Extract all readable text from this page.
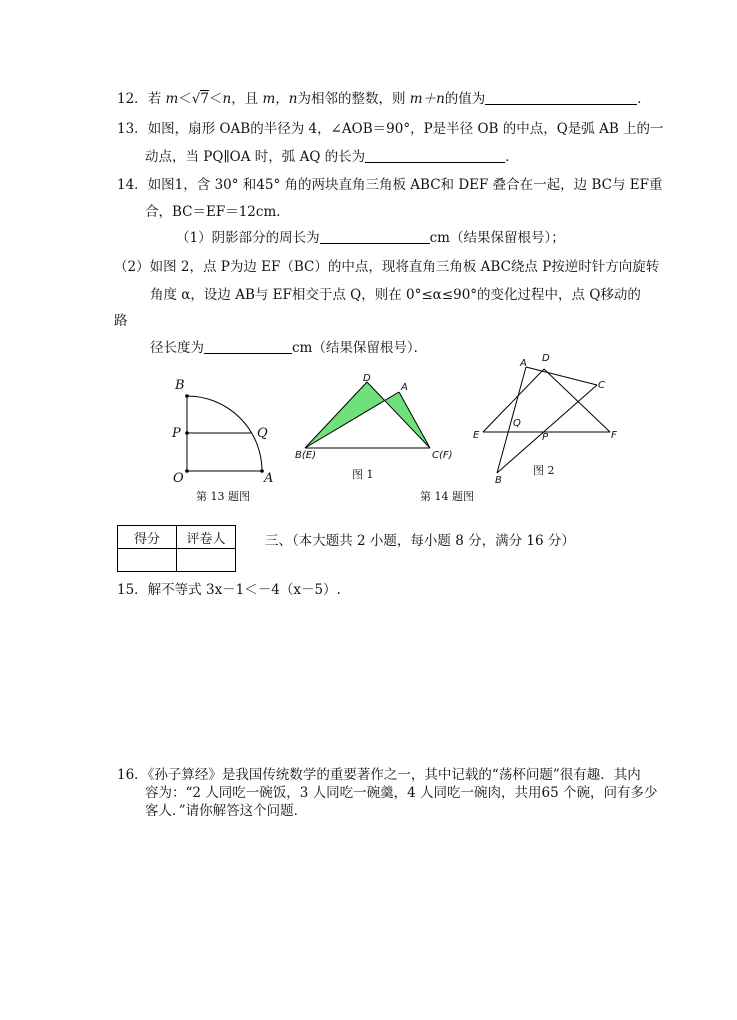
12．若 m＜√7＜n，且 m，n为相邻的整数，则 m＋n的值为	．
13．如图，扇形 OAB的半径为 4，∠AOB＝90°，P是半径 OB 的中点，Q是弧 AB 上的一
动点，当 PQ∥OA 时，弧 AQ 的长为	．
14．如图1，含 30° 和45° 角的两块直角三角板 ABC和 DEF 叠合在一起，边 BC与 EF重
合，BC＝EF＝12cm．
（1）阴影部分的周长为	cm（结果保留根号）；
（2）如图 2，点 P为边 EF（BC）的中点，现将直角三角板 ABC绕点 P按逆时针方向旋转
角度 α，设边 AB与 EF相交于点 Q，则在 0°≤α≤90°的变化过程中，点 Q移动的
路
径长度为	cm（结果保留根号）．
B
P	Q
O	A
第 13 题图
D
A
B(E)	C(F)
图 1
A D
C
E
Q
P	F
B
图 2
第 14 题图
得分	评卷人
		三、（本大题共 2 小题，每小题 8 分，满分 16 分）
15．解不等式 3x－1＜－4（x－5）.
16．《孙子算经》是我国传统数学的重要著作之一，其中记载的“荡杯问题”很有趣．其内
容为：“2 人同吃一碗饭，3 人同吃一碗羹，4 人同吃一碗肉，共用65 个碗，问有多少
客人．”请你解答这个问题．
